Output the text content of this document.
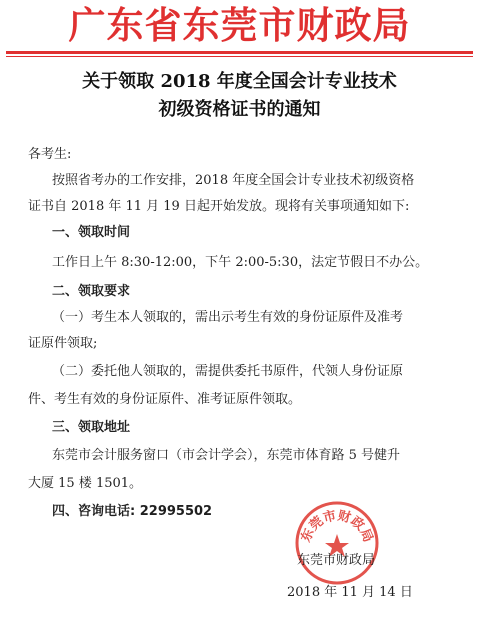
广东省东莞市财政局
关于领取 2018 年度全国会计专业技术
初级资格证书的通知
各考生:
按照省考办的工作安排，2018 年度全国会计专业技术初级资格
证书自 2018 年 11 月 19 日起开始发放。现将有关事项通知如下:
一、领取时间
工作日上午 8:30-12:00，下午 2:00-5:30，法定节假日不办公。
二、领取要求
（一）考生本人领取的，需出示考生有效的身份证原件及准考
证原件领取;
（二）委托他人领取的，需提供委托书原件，代领人身份证原
件、考生有效的身份证原件、准考证原件领取。
三、领取地址
东莞市会计服务窗口（市会计学会），东莞市体育路 5 号健升
大厦 15 楼 1501。
四、咨询电话: 22995502
东莞市财政局
东莞市财政局
2018 年 11 月 14 日
